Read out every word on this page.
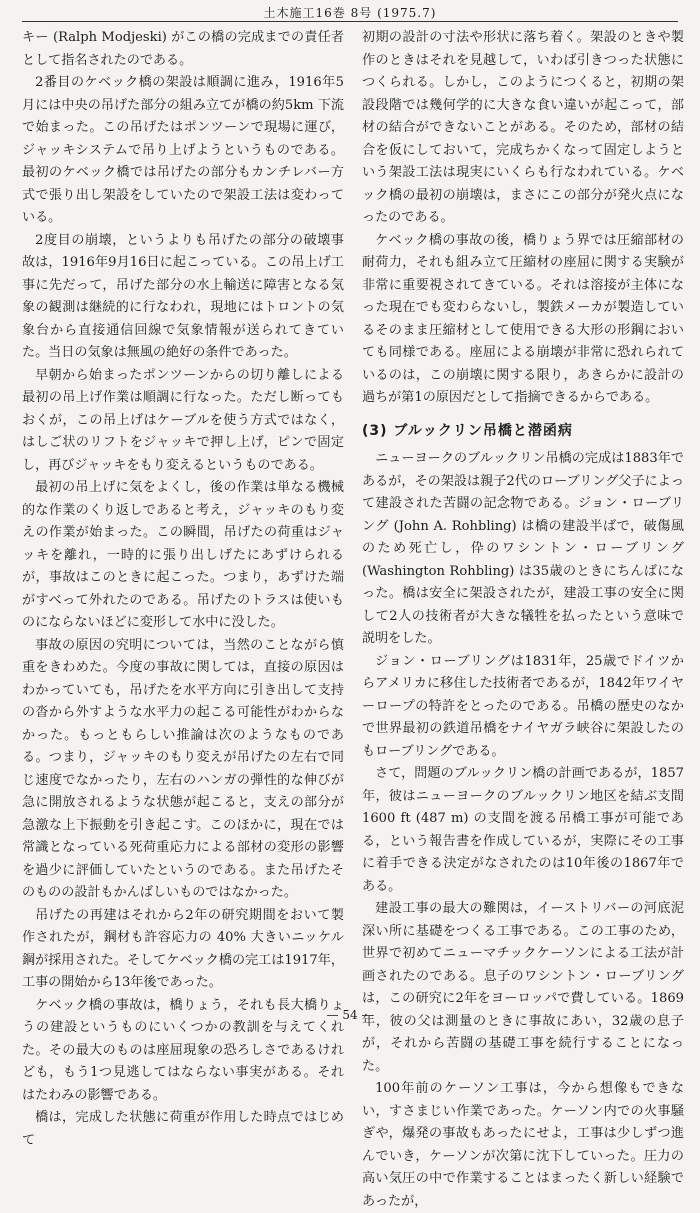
土木施工16巻 8号 (1975.7)

キー (Ralph Modjeski) がこの橋の完成までの責任者として指名されたのである。

2番目のケベック橋の架設は順調に進み，1916年5月には中央の吊げた部分の組み立てが橋の約5km 下流で始まった。この吊げたはポンツーンで現場に運び，ジャッキシステムで吊り上げようというものである。最初のケベック橋では吊げたの部分もカンチレバー方式で張り出し架設をしていたので架設工法は変わっている。

2度目の崩壊，というよりも吊げたの部分の破壊事故は，1916年9月16日に起こっている。この吊上げ工事に先だって，吊げた部分の水上輸送に障害となる気象の観測は継続的に行なわれ，現地にはトロントの気象台から直接通信回線で気象情報が送られてきていた。当日の気象は無風の絶好の条件であった。

早朝から始まったポンツーンからの切り離しによる最初の吊上げ作業は順調に行なった。ただし断ってもおくが，この吊上げはケーブルを使う方式ではなく，はしご状のリフトをジャッキで押し上げ，ピンで固定し，再びジャッキをもり変えるというものである。

最初の吊上げに気をよくし，後の作業は単なる機械的な作業のくり返しであると考え，ジャッキのもり変えの作業が始まった。この瞬間，吊げたの荷重はジャッキを離れ，一時的に張り出しげたにあずけられるが，事故はこのときに起こった。つまり，あずけた端がすべって外れたのである。吊げたのトラスは使いものにならないほどに変形して水中に没した。

事故の原因の究明については，当然のことながら慎重をきわめた。今度の事故に関しては，直接の原因はわかっていても，吊げたを水平方向に引き出して支持の沓から外すような水平力の起こる可能性がわからなかった。もっともらしい推論は次のようなものである。つまり，ジャッキのもり変えが吊げたの左右で同じ速度でなかったり，左右のハンガの弾性的な伸びが急に開放されるような状態が起こると，支えの部分が急激な上下振動を引き起こす。このほかに，現在では常識となっている死荷重応力による部材の変形の影響を過少に評価していたというのである。また吊げたそのものの設計もかんばしいものではなかった。

吊げたの再建はそれから2年の研究期間をおいて製作されたが，鋼材も許容応力の 40% 大きいニッケル鋼が採用された。そしてケベック橋の完工は1917年，工事の開始から13年後であった。

ケベック橋の事故は，橋りょう，それも長大橋りょうの建設というものにいくつかの教訓を与えてくれた。その最大のものは座屈現象の恐ろしさであるけれども，もう1つ見逃してはならない事実がある。それはたわみの影響である。

橋は，完成した状態に荷重が作用した時点ではじめて

初期の設計の寸法や形状に落ち着く。架設のときや製作のときはそれを見越して，いわば引きつった状態につくられる。しかし，このようにつくると，初期の架設段階では幾何学的に大きな食い違いが起こって，部材の結合ができないことがある。そのため，部材の結合を仮にしておいて，完成ちかくなって固定しようという架設工法は現実にいくらも行なわれている。ケベック橋の最初の崩壊は，まさにこの部分が発火点になったのである。

ケベック橋の事故の後，橋りょう界では圧縮部材の耐荷力，それも組み立て圧縮材の座屈に関する実験が非常に重要視されてきている。それは溶接が主体になった現在でも変わらないし，製鉄メーカが製造しているそのまま圧縮材として使用できる大形の形鋼においても同様である。座屈による崩壊が非常に恐れられているのは，この崩壊に関する限り，あきらかに設計の過ちが第1の原因だとして指摘できるからである。

(3) ブルックリン吊橋と潜函病

ニューヨークのブルックリン吊橋の完成は1883年であるが，その架設は親子2代のローブリング父子によって建設された苦闘の記念物である。ジョン・ローブリング (John A. Rohbling) は橋の建設半ばで，破傷風のため死亡し，伜のワシントン・ローブリング (Washington Rohbling) は35歳のときにちんばになった。橋は安全に架設されたが，建設工事の安全に関して2人の技術者が大きな犠牲を払ったという意味で説明をした。

ジョン・ローブリングは1831年，25歳でドイツからアメリカに移住した技術者であるが，1842年ワイヤーロープの特許をとったのである。吊橋の歴史のなかで世界最初の鉄道吊橋をナイヤガラ峡谷に架設したのもローブリングである。

さて，問題のブルックリン橋の計画であるが，1857年，彼はニューヨークのブルックリン地区を結ぶ支間1600 ft (487 m) の支間を渡る吊橋工事が可能である，という報告書を作成しているが，実際にその工事に着手できる決定がなされたのは10年後の1867年である。

建設工事の最大の難関は，イーストリバーの河底泥深い所に基礎をつくる工事である。この工事のため，世界で初めてニューマチックケーソンによる工法が計画されたのである。息子のワシントン・ローブリングは，この研究に2年をヨーロッパで費している。1869年，彼の父は測量のときに事故にあい，32歳の息子が，それから苦闘の基礎工事を続行することになった。

100年前のケーソン工事は，今から想像もできない，すさまじい作業であった。ケーソン内での火事騒ぎや，爆発の事故もあったにせよ，工事は少しずつ進んでいき，ケーソンが次第に沈下していった。圧力の高い気圧の中で作業することはまったく新しい経験であったが，

— 54 —
